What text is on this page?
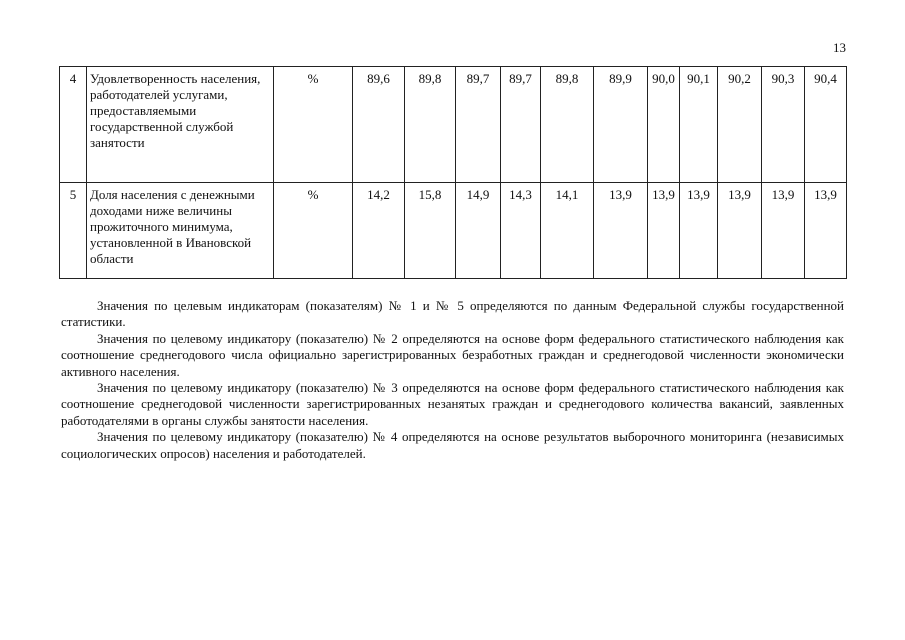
13
4	Удовлетворенность населения, работодателей услугами, предоставляемыми государственной службой занятости	%	89,6	89,8	89,7	89,7	89,8	89,9	90,0	90,1	90,2	90,3	90,4
5	Доля населения с денежными доходами ниже величины прожиточного минимума, установленной в Ивановской области	%	14,2	15,8	14,9	14,3	14,1	13,9	13,9	13,9	13,9	13,9	13,9

Значения по целевым индикаторам (показателям) № 1 и № 5 определяются по данным Федеральной службы государственной статистики.

Значения по целевому индикатору (показателю) № 2 определяются на основе форм федерального статистического наблюдения как соотношение среднегодового числа официально зарегистрированных безработных граждан и среднегодовой численности экономически активного населения.

Значения по целевому индикатору (показателю) № 3 определяются на основе форм федерального статистического наблюдения как соотношение среднегодовой численности зарегистрированных незанятых граждан и среднегодового количества вакансий, заявленных работодателями в органы службы занятости населения.

Значения по целевому индикатору (показателю) № 4 определяются на основе результатов выборочного мониторинга (независимых социологических опросов) населения и работодателей.
